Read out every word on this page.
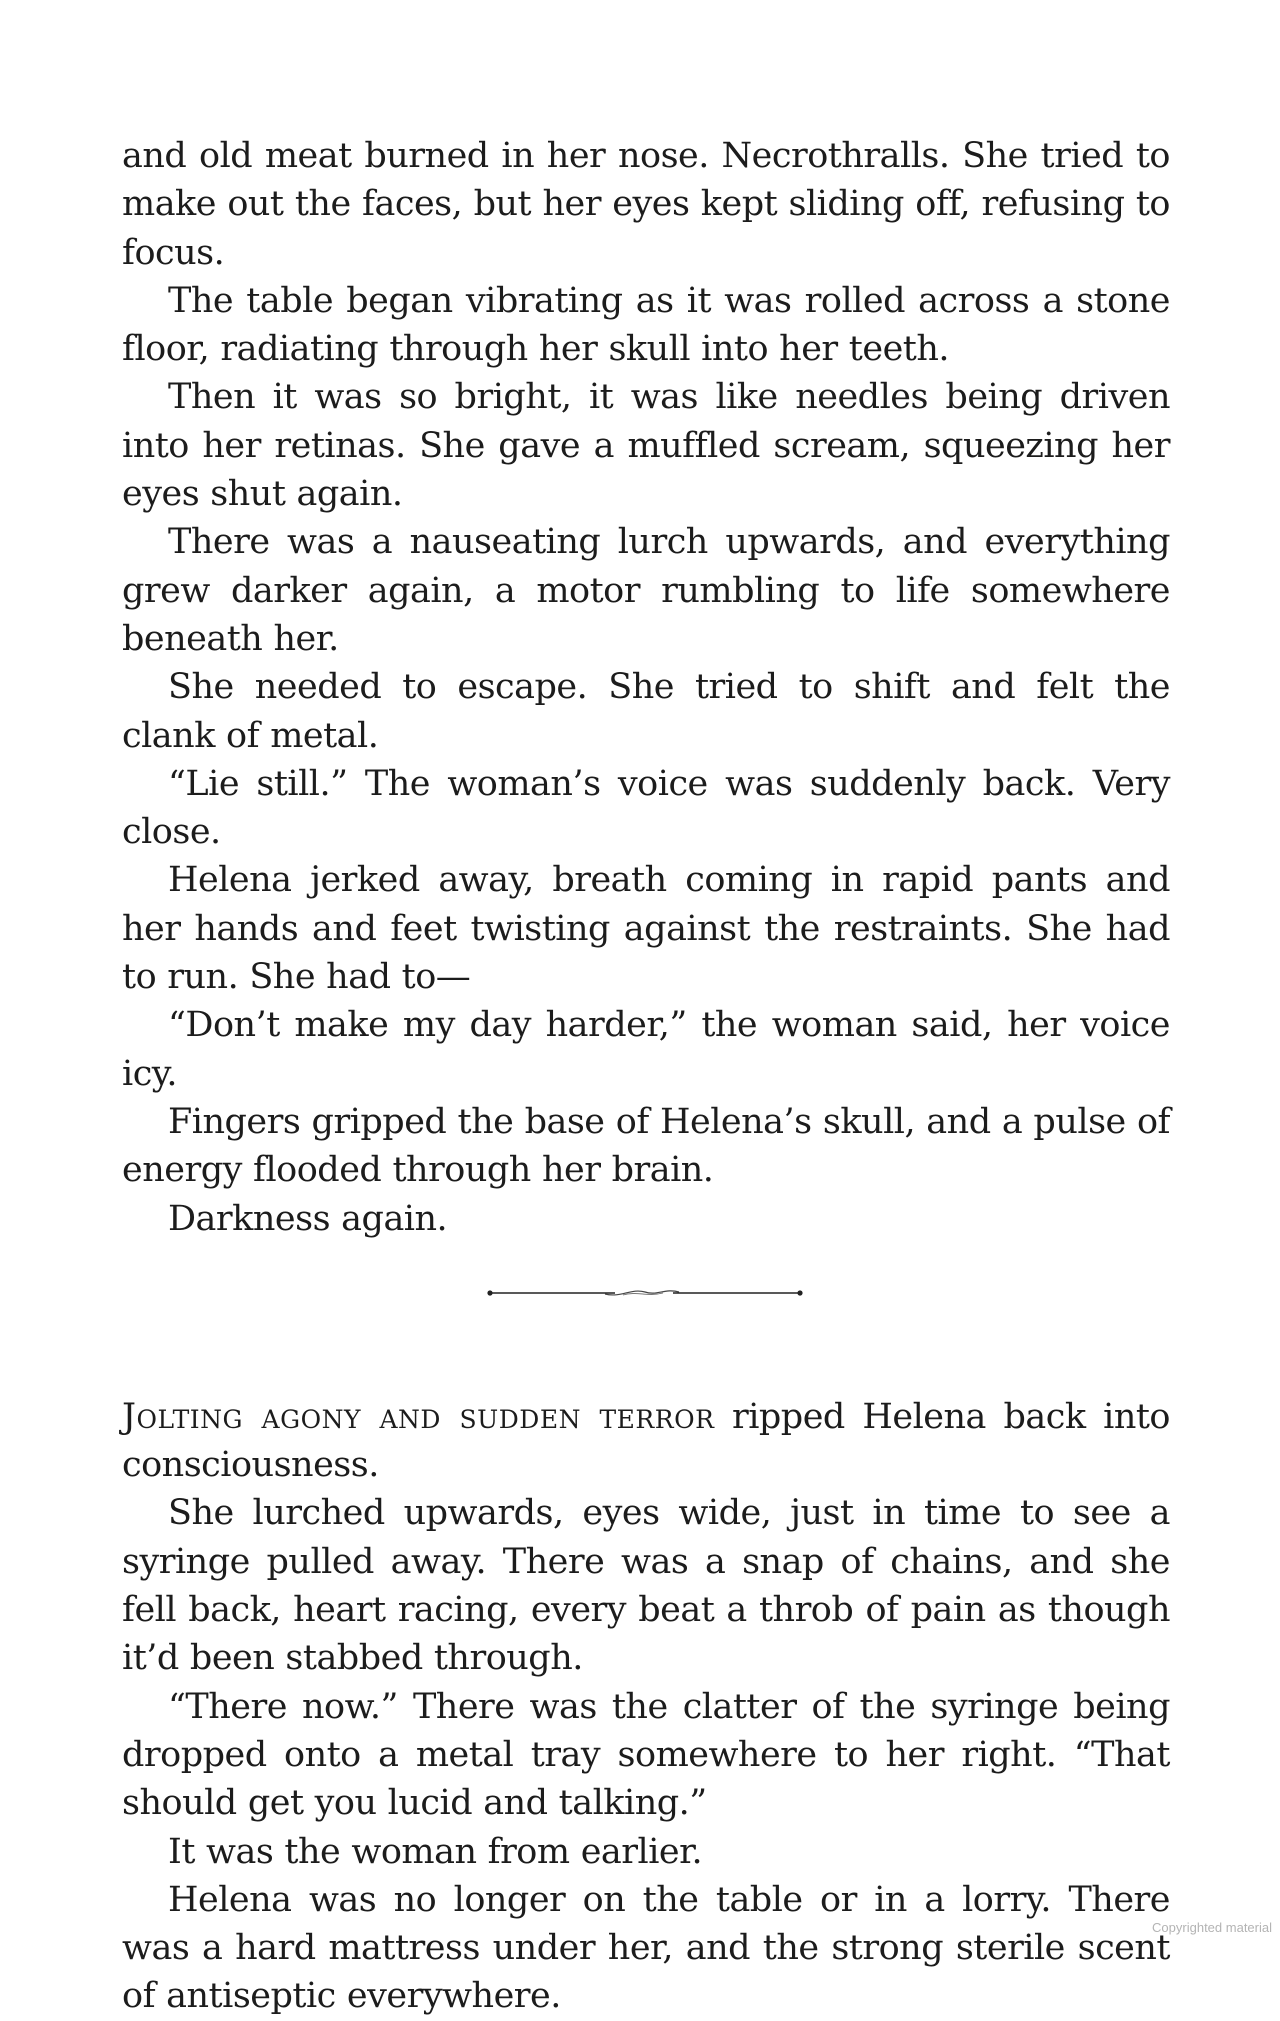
and old meat burned in her nose. Necrothralls. She tried to make out the faces, but her eyes kept sliding off, refusing to focus.

The table began vibrating as it was rolled across a stone floor, radiating through her skull into her teeth.

Then it was so bright, it was like needles being driven into her retinas. She gave a muffled scream, squeezing her eyes shut again.

There was a nauseating lurch upwards, and everything grew darker again, a motor rumbling to life somewhere beneath her.

She needed to escape. She tried to shift and felt the clank of metal.

“Lie still.” The woman’s voice was suddenly back. Very close.

Helena jerked away, breath coming in rapid pants and her hands and feet twisting against the restraints. She had to run. She had to—

“Don’t make my day harder,” the woman said, her voice icy.

Fingers gripped the base of Helena’s skull, and a pulse of energy flooded through her brain.

Darkness again.

Jolting agony and sudden terror ripped Helena back into consciousness.

She lurched upwards, eyes wide, just in time to see a syringe pulled away. There was a snap of chains, and she fell back, heart racing, every beat a throb of pain as though it’d been stabbed through.

“There now.” There was the clatter of the syringe being dropped onto a metal tray somewhere to her right. “That should get you lucid and talking.”

It was the woman from earlier.

Helena was no longer on the table or in a lorry. There was a hard mattress under her, and the strong sterile scent of antiseptic everywhere.

Copyrighted material
